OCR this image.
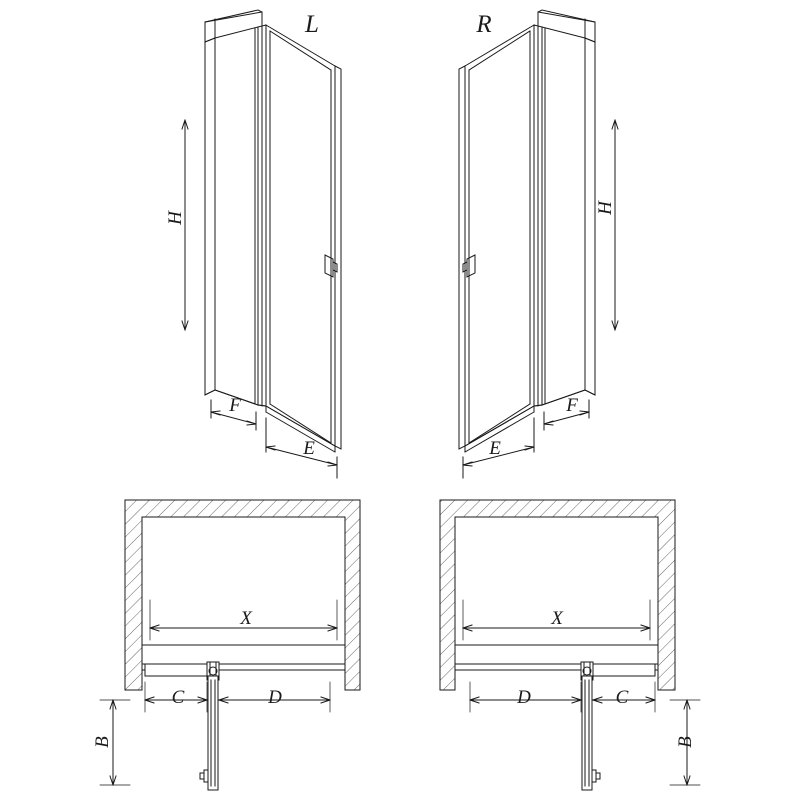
L	R
H
H
F
E
F
E
X
C	D
B
X
D	C
B
